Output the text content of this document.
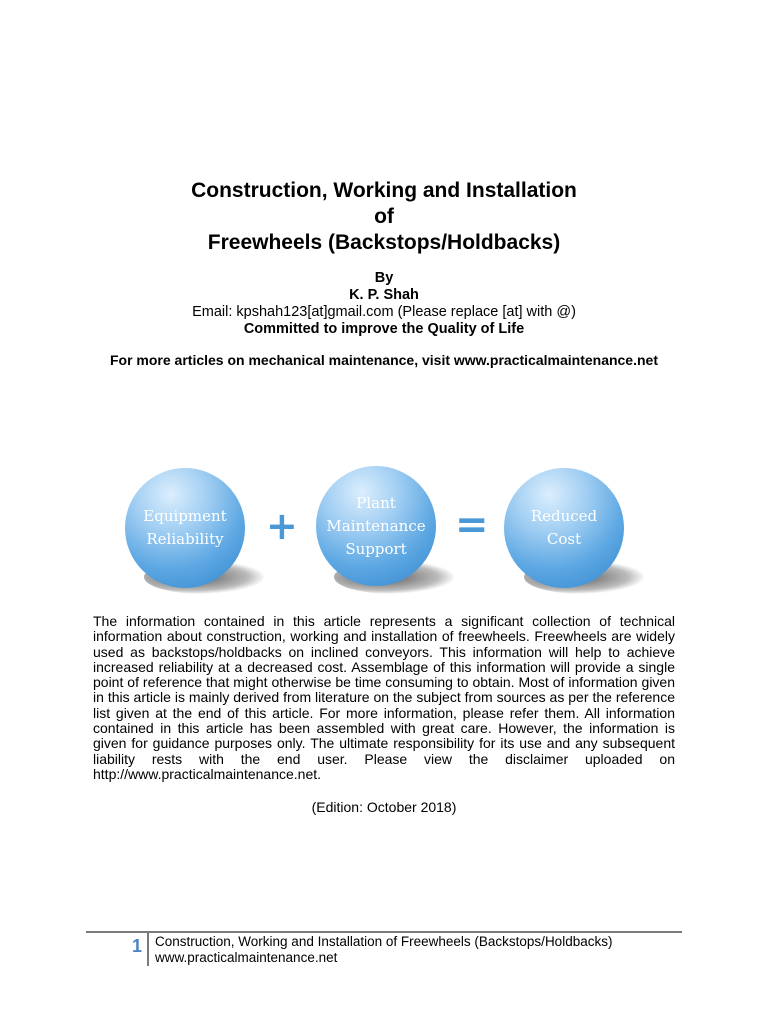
Construction, Working and Installation
of
Freewheels (Backstops/Holdbacks)
By
K. P. Shah
Email: kpshah123[at]gmail.com (Please replace [at] with @)
Committed to improve the Quality of Life
For more articles on mechanical maintenance, visit www.practicalmaintenance.net
Equipment
Reliability +
Plant
Maintenance
Support
=	Reduced
Cost
The information contained in this article represents a significant collection of technical information about construction, working and installation of freewheels. Freewheels are widely used as backstops/holdbacks on inclined conveyors. This information will help to achieve increased reliability at a decreased cost. Assemblage of this information will provide a single point of reference that might otherwise be time consuming to obtain. Most of information given in this article is mainly derived from literature on the subject from sources as per the reference list given at the end of this article. For more information, please refer them. All information contained in this article has been assembled with great care. However, the information is given for guidance purposes only. The ultimate responsibility for its use and any subsequent liability rests with the end user. Please view the disclaimer uploaded on http://www.practicalmaintenance.net.
(Edition: October 2018)
1 Construction, Working and Installation of Freewheels (Backstops/Holdbacks)
www.practicalmaintenance.net
